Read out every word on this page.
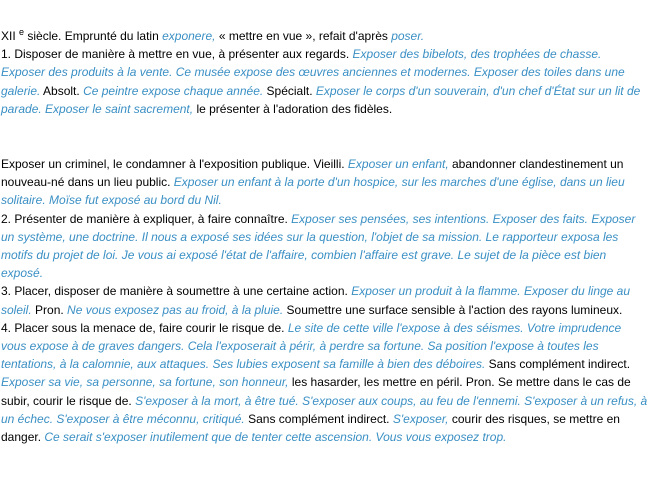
XII $^e$ siècle. Emprunté du latin exponere, « mettre en vue », refait d'après poser.

1. Disposer de manière à mettre en vue, à présenter aux regards. Exposer des bibelots, des trophées de chasse. Exposer des produits à la vente. Ce musée expose des œuvres anciennes et modernes. Exposer des toiles dans une galerie. Absolt. Ce peintre expose chaque année. Spécialt. Exposer le corps d'un souverain, d'un chef d'État sur un lit de parade. Exposer le saint sacrement, le présenter à l'adoration des fidèles.

Exposer un criminel, le condamner à l'exposition publique. Vieilli. Exposer un enfant, abandonner clandestinement un nouveau-né dans un lieu public. Exposer un enfant à la porte d'un hospice, sur les marches d'une église, dans un lieu solitaire. Moïse fut exposé au bord du Nil.

2. Présenter de manière à expliquer, à faire connaître. Exposer ses pensées, ses intentions. Exposer des faits. Exposer un système, une doctrine. Il nous a exposé ses idées sur la question, l'objet de sa mission. Le rapporteur exposa les motifs du projet de loi. Je vous ai exposé l'état de l'affaire, combien l'affaire est grave. Le sujet de la pièce est bien exposé.

3. Placer, disposer de manière à soumettre à une certaine action. Exposer un produit à la flamme. Exposer du linge au soleil. Pron. Ne vous exposez pas au froid, à la pluie. Soumettre une surface sensible à l'action des rayons lumineux.

4. Placer sous la menace de, faire courir le risque de. Le site de cette ville l'expose à des séismes. Votre imprudence vous expose à de graves dangers. Cela l'exposerait à périr, à perdre sa fortune. Sa position l'expose à toutes les tentations, à la calomnie, aux attaques. Ses lubies exposent sa famille à bien des déboires. Sans complément indirect. Exposer sa vie, sa personne, sa fortune, son honneur, les hasarder, les mettre en péril. Pron. Se mettre dans le cas de subir, courir le risque de. S'exposer à la mort, à être tué. S'exposer aux coups, au feu de l'ennemi. S'exposer à un refus, à un échec. S'exposer à être méconnu, critiqué. Sans complément indirect. S'exposer, courir des risques, se mettre en danger. Ce serait s'exposer inutilement que de tenter cette ascension. Vous vous exposez trop.
